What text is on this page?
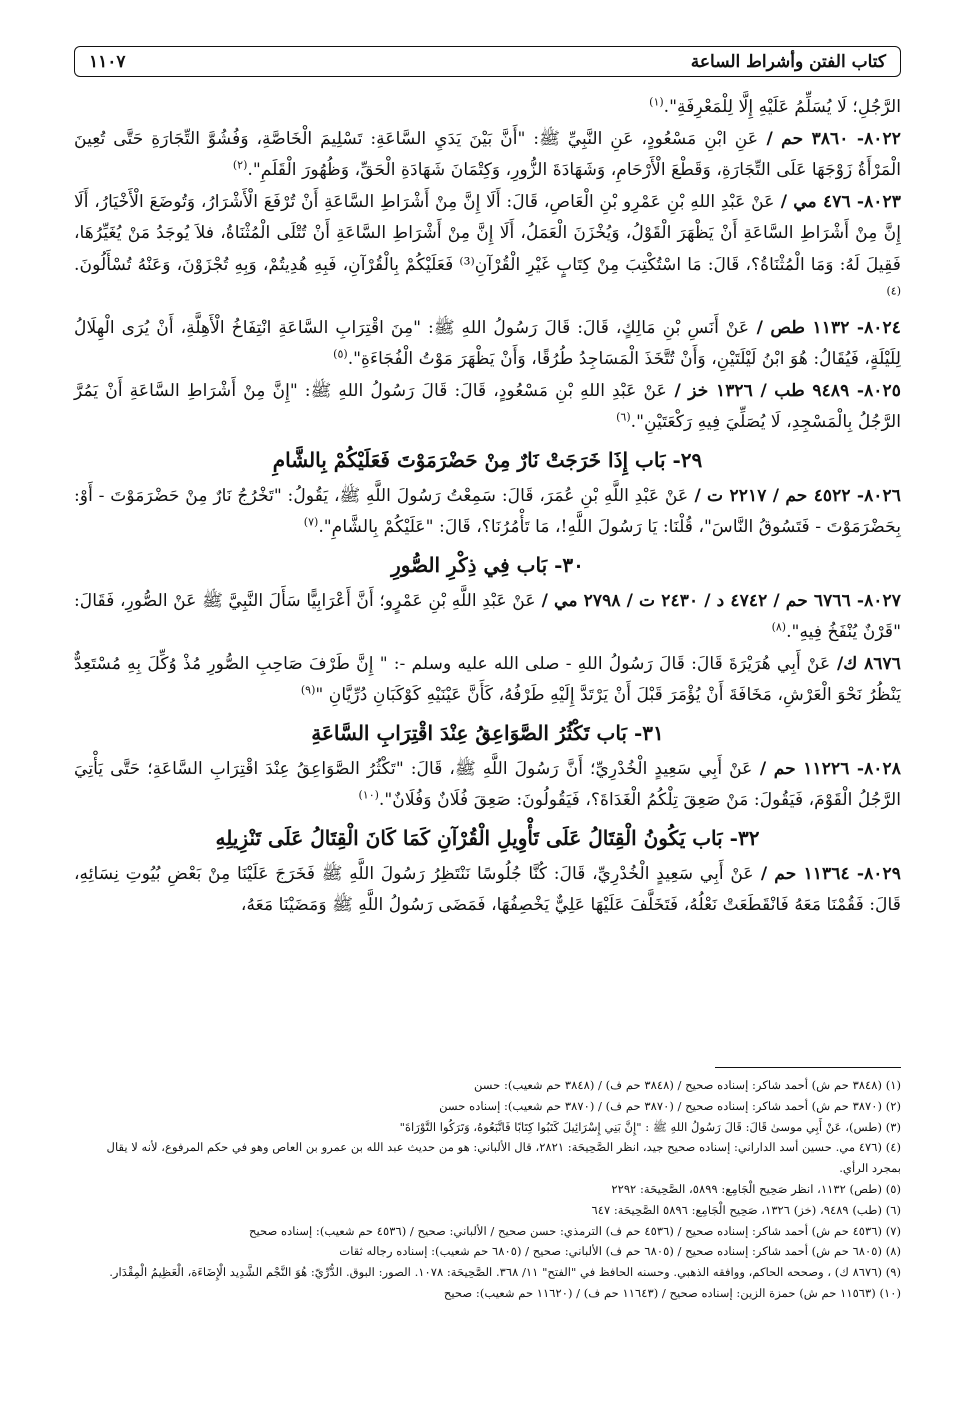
كتاب الفتن وأشراط الساعة
١١٠٧

الرَّجُلِ؛ لَا يُسَلِّمُ عَلَيْهِ إِلَّا لِلْمَعْرِفَةِ".$^{(١)}$

٨٠٢٢- ٣٨٦٠ حم / عَنِ ابْنِ مَسْعُودٍ، عَنِ النَّبِيِّ ﷺ: "أَنَّ بَيْنَ يَدَيِ السَّاعَةِ: تَسْلِيمَ الْخَاصَّةِ، وَفُشُوَّ التِّجَارَةِ حَتَّى تُعِينَ الْمَرْأَةُ زَوْجَهَا عَلَى التِّجَارَةِ، وَقَطْعَ الْأَرْحَامِ، وَشَهَادَةَ الزُّورِ، وَكِتْمَانَ شَهَادَةِ الْحَقِّ، وَظُهُورَ الْقَلَمِ".$^{(٢)}$

٨٠٢٣- ٤٧٦ مي / عَنْ عَبْدِ اللهِ بْنِ عَمْرِو بْنِ الْعَاصِ، قَالَ: أَلَا إِنَّ مِنْ أَشْرَاطِ السَّاعَةِ أَنْ تُرْفَعَ الْأَشْرَارُ، وَتُوضَعَ الْأَخْيَارُ، أَلَا إِنَّ مِنْ أَشْرَاطِ السَّاعَةِ أَنْ يَظْهَرَ الْقَوْلُ، وَيُخْزَنَ الْعَمَلُ، أَلَا إِنَّ مِنْ أَشْرَاطِ السَّاعَةِ أَنْ تُتْلَى الْمُثْنَاةُ، فلاَ يُوجَدُ مَنْ يُغَيِّرُهَا، فَقِيلَ لَهُ: وَمَا الْمُثْنَاةُ؟، قَالَ: مَا اسْتُكْتِبَ مِنْ كِتَابٍ غَيْرِ الْقُرْآنِ⁽³⁾ فَعَلَيْكُمْ بِالْقُرْآنِ، فَبِهِ هُدِيتُمْ، وَبِهِ تُجْزَوْنَ، وَعَنْهُ تُسْأَلُونَ.$^{(٤)}$

٨٠٢٤- ١١٣٢ طص / عَنْ أَنَسِ بْنِ مَالِكٍ، قَالَ: قَالَ رَسُولُ اللهِ ﷺ: "مِنَ اقْتِرَابِ السَّاعَةِ انْتِفَاخُ الْأَهِلَّةِ، أَنْ يُرَى الْهِلَالُ لِلَيْلَةٍ، فَيُقَالُ: هُوَ ابْنُ لَيْلَتَيْنِ، وَأَنْ تُتَّخَذَ الْمَسَاجِدُ طُرُقًا، وَأَنْ يَظْهَرَ مَوْتُ الْفُجَاءَةِ".$^{(٥)}$

٨٠٢٥- ٩٤٨٩ طب / ١٣٢٦ خز / عَنْ عَبْدِ اللهِ بْنِ مَسْعُودٍ، قَالَ: قَالَ رَسُولُ اللهِ ﷺ: "إِنَّ مِنْ أَشْرَاطِ السَّاعَةِ أَنْ يَمُرَّ الرَّجُلُ بِالْمَسْجِدِ، لَا يُصَلِّيَ فِيهِ رَكْعَتَيْنِ".$^{(٦)}$

٢٩- بَاب إِذَا خَرَجَتْ نَارٌ مِنْ حَضْرَمَوْتَ فَعَلَيْكُمْ بِالشَّامِ

٨٠٢٦- ٤٥٢٢ حم / ٢٢١٧ ت / عَنْ عَبْدِ اللَّهِ بْنِ عُمَرَ، قَالَ: سَمِعْتُ رَسُولَ اللَّهِ ﷺ، يَقُولُ: "تَخْرُجُ نَارٌ مِنْ حَضْرَمَوْتَ - أَوْ: بِحَضْرَمَوْتَ - فَتَسُوقُ النَّاسَ"، قُلْنَا: يَا رَسُولَ اللَّهِ!، مَا تَأْمُرُنَا؟، قَالَ: "عَلَيْكُمْ بِالشَّامِ".$^{(٧)}$

٣٠- بَاب فِي ذِكْرِ الصُّورِ

٨٠٢٧- ٦٧٦٦ حم / ٤٧٤٢ د / ٢٤٣٠ ت / ٢٧٩٨ مي / عَنْ عَبْدِ اللَّهِ بْنِ عَمْرٍو؛ أَنَّ أَعْرَابِيًّا سَأَلَ النَّبِيَّ ﷺ عَنْ الصُّورِ، فَقَالَ: "قَرْنٌ يُنْفَخُ فِيهِ".$^{(٨)}$

٨٦٧٦ ك/ عَنْ أَبِي هُرَيْرَةَ قَالَ: قَالَ رَسُولُ اللهِ - صلى الله عليه وسلم -: " إِنَّ طَرْفَ صَاحِبِ الصُّورِ مُذْ وُكِّلَ بِهِ مُسْتَعِدٌّ يَنْظُرُ نَحْوَ الْعَرْشِ، مَخَافَةَ أَنْ يُؤْمَرَ قَبْلَ أَنْ يَرْتَدَّ إِلَيْهِ طَرْفُهُ، كَأَنَّ عَيْنَيْهِ كَوْكَبَانِ دُرِّيَّانِ "$^{(٩)}$

٣١- بَاب تَكْثُرُ الصَّوَاعِقُ عِنْدَ اقْتِرَابِ السَّاعَةِ

٨٠٢٨- ١١٢٢٦ حم / عَنْ أَبِي سَعِيدٍ الْخُدْرِيِّ؛ أَنَّ رَسُولَ اللَّهِ ﷺ، قَالَ: "تَكْثُرُ الصَّوَاعِقُ عِنْدَ اقْتِرَابِ السَّاعَةِ؛ حَتَّى يَأْتِيَ الرَّجُلُ الْقَوْمَ، فَيَقُولَ: مَنْ صَعِقَ تِلْكُمُ الْغَدَاةَ؟، فَيَقُولُونَ: صَعِقَ فُلَانٌ وَفُلَانٌ".$^{(١٠)}$

٣٢- بَاب يَكُونُ الْقِتَالُ عَلَى تَأْوِيلِ الْقُرْآنِ كَمَا كَانَ الْقِتَالُ عَلَى تَنْزِيلِهِ

٨٠٢٩- ١١٣٦٤ حم / عَنْ أَبِي سَعِيدٍ الْخُدْرِيِّ، قَالَ: كُنَّا جُلُوسًا نَنْتَظِرُ رَسُولَ اللَّهِ ﷺ فَخَرَجَ عَلَيْنَا مِنْ بَعْضِ بُيُوتِ نِسَائِهِ، قَالَ: فَقُمْنَا مَعَهُ فَانْقَطَعَتْ نَعْلُهُ، فَتَخَلَّفَ عَلَيْهَا عَلِيٌّ يَخْصِفُهَا، فَمَضَى رَسُولُ اللَّهِ ﷺ وَمَضَيْنَا مَعَهُ،

(١) (٣٨٤٨ حم ش) أحمد شاكر: إسناده صحيح / (٣٨٤٨ حم ف) / (٣٨٤٨ حم شعيب): حسن
(٢) (٣٨٧٠ حم ش) أحمد شاكر: إسناده صحيح / (٣٨٧٠ حم ف) / (٣٨٧٠ حم شعيب): إسناده حسن
(٣) (طس)، عَنْ أَبِي موسىٰ قَالَ: قَالَ رَسُولُ اللهِ ﷺ : "إِنَّ بَنِي إِسْرَائِيلَ كَتَبُوا كِتَابًا فَاتَّبَعُوهُ، وَتَرَكُوا التَّوْرَاةَ"
(٤) (٤٧٦ مي. حسين أسد الداراني: إسناده صحيح جيد، انظر الصَّحِيحَة: ٢٨٢١، قال الألباني: هو من حديث عبد الله بن عمرو بن العاص وهو في حكم المرفوع، لأنه لا يقال بمجرد الرأي.
(٥) (طص) ١١٣٢، انظر صَحِيح الْجَامِع: ٥٨٩٩، الصَّحِيحَة: ٢٢٩٢
(٦) (طب) ٩٤٨٩، (خز) ١٣٢٦، صَحِيح الْجَامِع: ٥٨٩٦ الصَّحِيحَة: ٦٤٧
(٧) (٤٥٣٦ حم ش) أحمد شاكر: إسناده صحيح / (٤٥٣٦ حم ف) الترمذي: حسن صحيح / الألباني: صحيح / (٤٥٣٦ حم شعيب): إسناده صحيح
(٨) (٦٨٠٥ حم ش) أحمد شاكر: إسناده صحيح / (٦٨٠٥ حم ف) الألباني: صحيح / (٦٨٠٥ حم شعيب): إسناده رجاله ثقات
(٩) (٨٦٧٦ ك) ، وصححه الحاكم، ووافقه الذهبي. وحسنه الحافظ في "الفتح" ١١/ ٣٦٨. الصَّحِيحَة: ١٠٧٨. الصور: البوق. الدُّرِّيّ: هُوَ النَّجْم الشَّدِيد الْإِضَاءَة، الْعَظِيمُ الْمِقْدَار.
(١٠) (١١٥٦٣ حم ش) حمزة الزين: إسناده صحيح / (١١٦٤٣ حم ف) / (١١٦٢٠ حم شعيب): صحيح
